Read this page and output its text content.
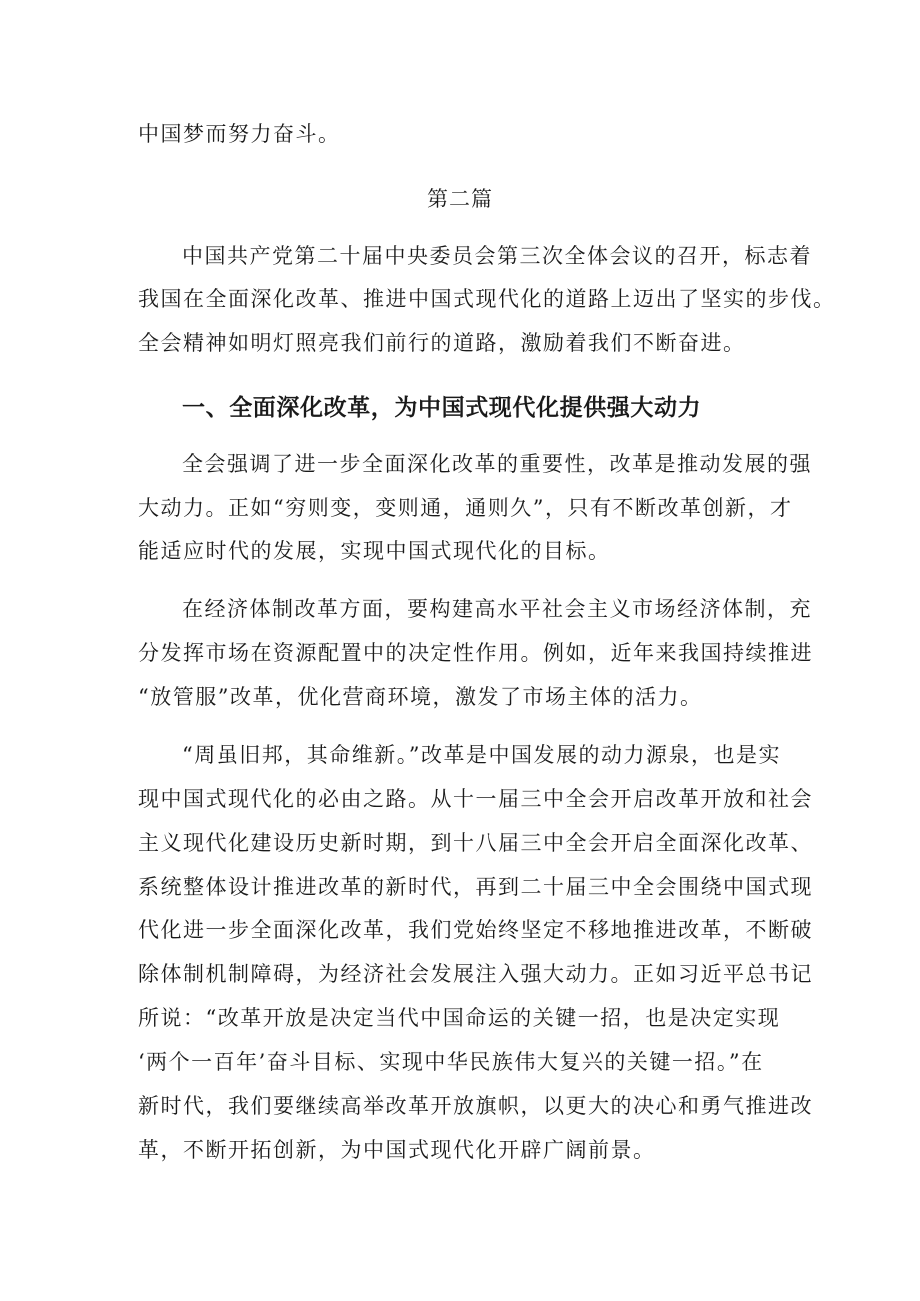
中国梦而努力奋斗。
第二篇
中国共产党第二十届中央委员会第三次全体会议的召开，标志着
我国在全面深化改革、推进中国式现代化的道路上迈出了坚实的步伐。
全会精神如明灯照亮我们前行的道路，激励着我们不断奋进。
一、全面深化改革，为中国式现代化提供强大动力
全会强调了进一步全面深化改革的重要性，改革是推动发展的强
大动力。正如“穷则变，变则通，通则久”，只有不断改革创新，才
能适应时代的发展，实现中国式现代化的目标。
在经济体制改革方面，要构建高水平社会主义市场经济体制，充
分发挥市场在资源配置中的决定性作用。例如，近年来我国持续推进
“放管服”改革，优化营商环境，激发了市场主体的活力。
“周虽旧邦，其命维新。”改革是中国发展的动力源泉，也是实
现中国式现代化的必由之路。从十一届三中全会开启改革开放和社会
主义现代化建设历史新时期，到十八届三中全会开启全面深化改革、
系统整体设计推进改革的新时代，再到二十届三中全会围绕中国式现
代化进一步全面深化改革，我们党始终坚定不移地推进改革，不断破
除体制机制障碍，为经济社会发展注入强大动力。正如习近平总书记
所说：“改革开放是决定当代中国命运的关键一招，也是决定实现
‘两个一百年’奋斗目标、实现中华民族伟大复兴的关键一招。”在
新时代，我们要继续高举改革开放旗帜，以更大的决心和勇气推进改
革，不断开拓创新，为中国式现代化开辟广阔前景。
